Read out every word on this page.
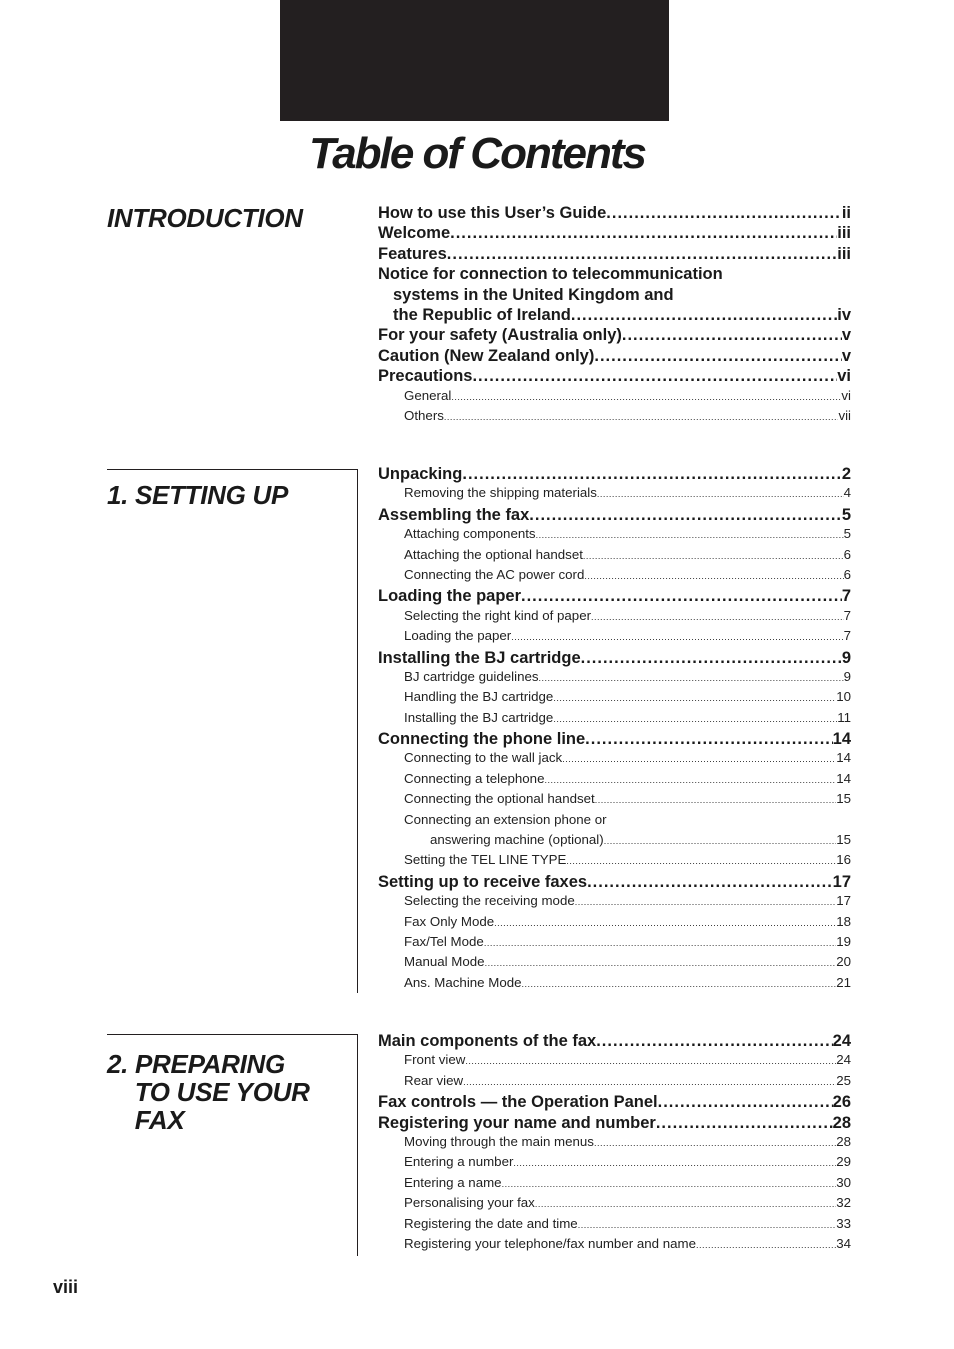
Table of Contents
INTRODUCTION	How to use this User’s Guide .....	ii
Welcome .....	iii
Features .....	iii
Notice for connection to telecommunication
systems in the United Kingdom and
the Republic of Ireland .....	iv
For your safety (Australia only) .....	v
Caution (New Zealand only) .....	v
Precautions .....	vi
General .....	vi
Others .....	vii
1. SETTING UP
Unpacking .....	2
Removing the shipping materials .....	4
Assembling the fax .....	5
Attaching components .....	5
Attaching the optional handset .....	6
Connecting the AC power cord .....	6
Loading the paper .....	7
Selecting the right kind of paper .....	7
Loading the paper .....	7
Installing the BJ cartridge .....	9
BJ cartridge guidelines .....	9
Handling the BJ cartridge .....	10
Installing the BJ cartridge .....	11
Connecting the phone line .....	14
Connecting to the wall jack .....	14
Connecting a telephone .....	14
Connecting the optional handset .....	15
Connecting an extension phone or
answering machine (optional) .....	15
Setting the TEL LINE TYPE .....	16
Setting up to receive faxes .....	17
Selecting the receiving mode .....	17
Fax Only Mode .....	18
Fax/Tel Mode .....	19
Manual Mode .....	20
Ans. Machine Mode .....	21
2. PREPARING
TO USE YOUR
FAX
Main components of the fax .....	24
Front view .....	24
Rear view .....	25
Fax controls — the Operation Panel .....	26
Registering your name and number .....	28
Moving through the main menus .....	28
Entering a number .....	29
Entering a name .....	30
Personalising your fax .....	32
Registering the date and time .....	33
Registering your telephone/fax number and name .....	34

viii
